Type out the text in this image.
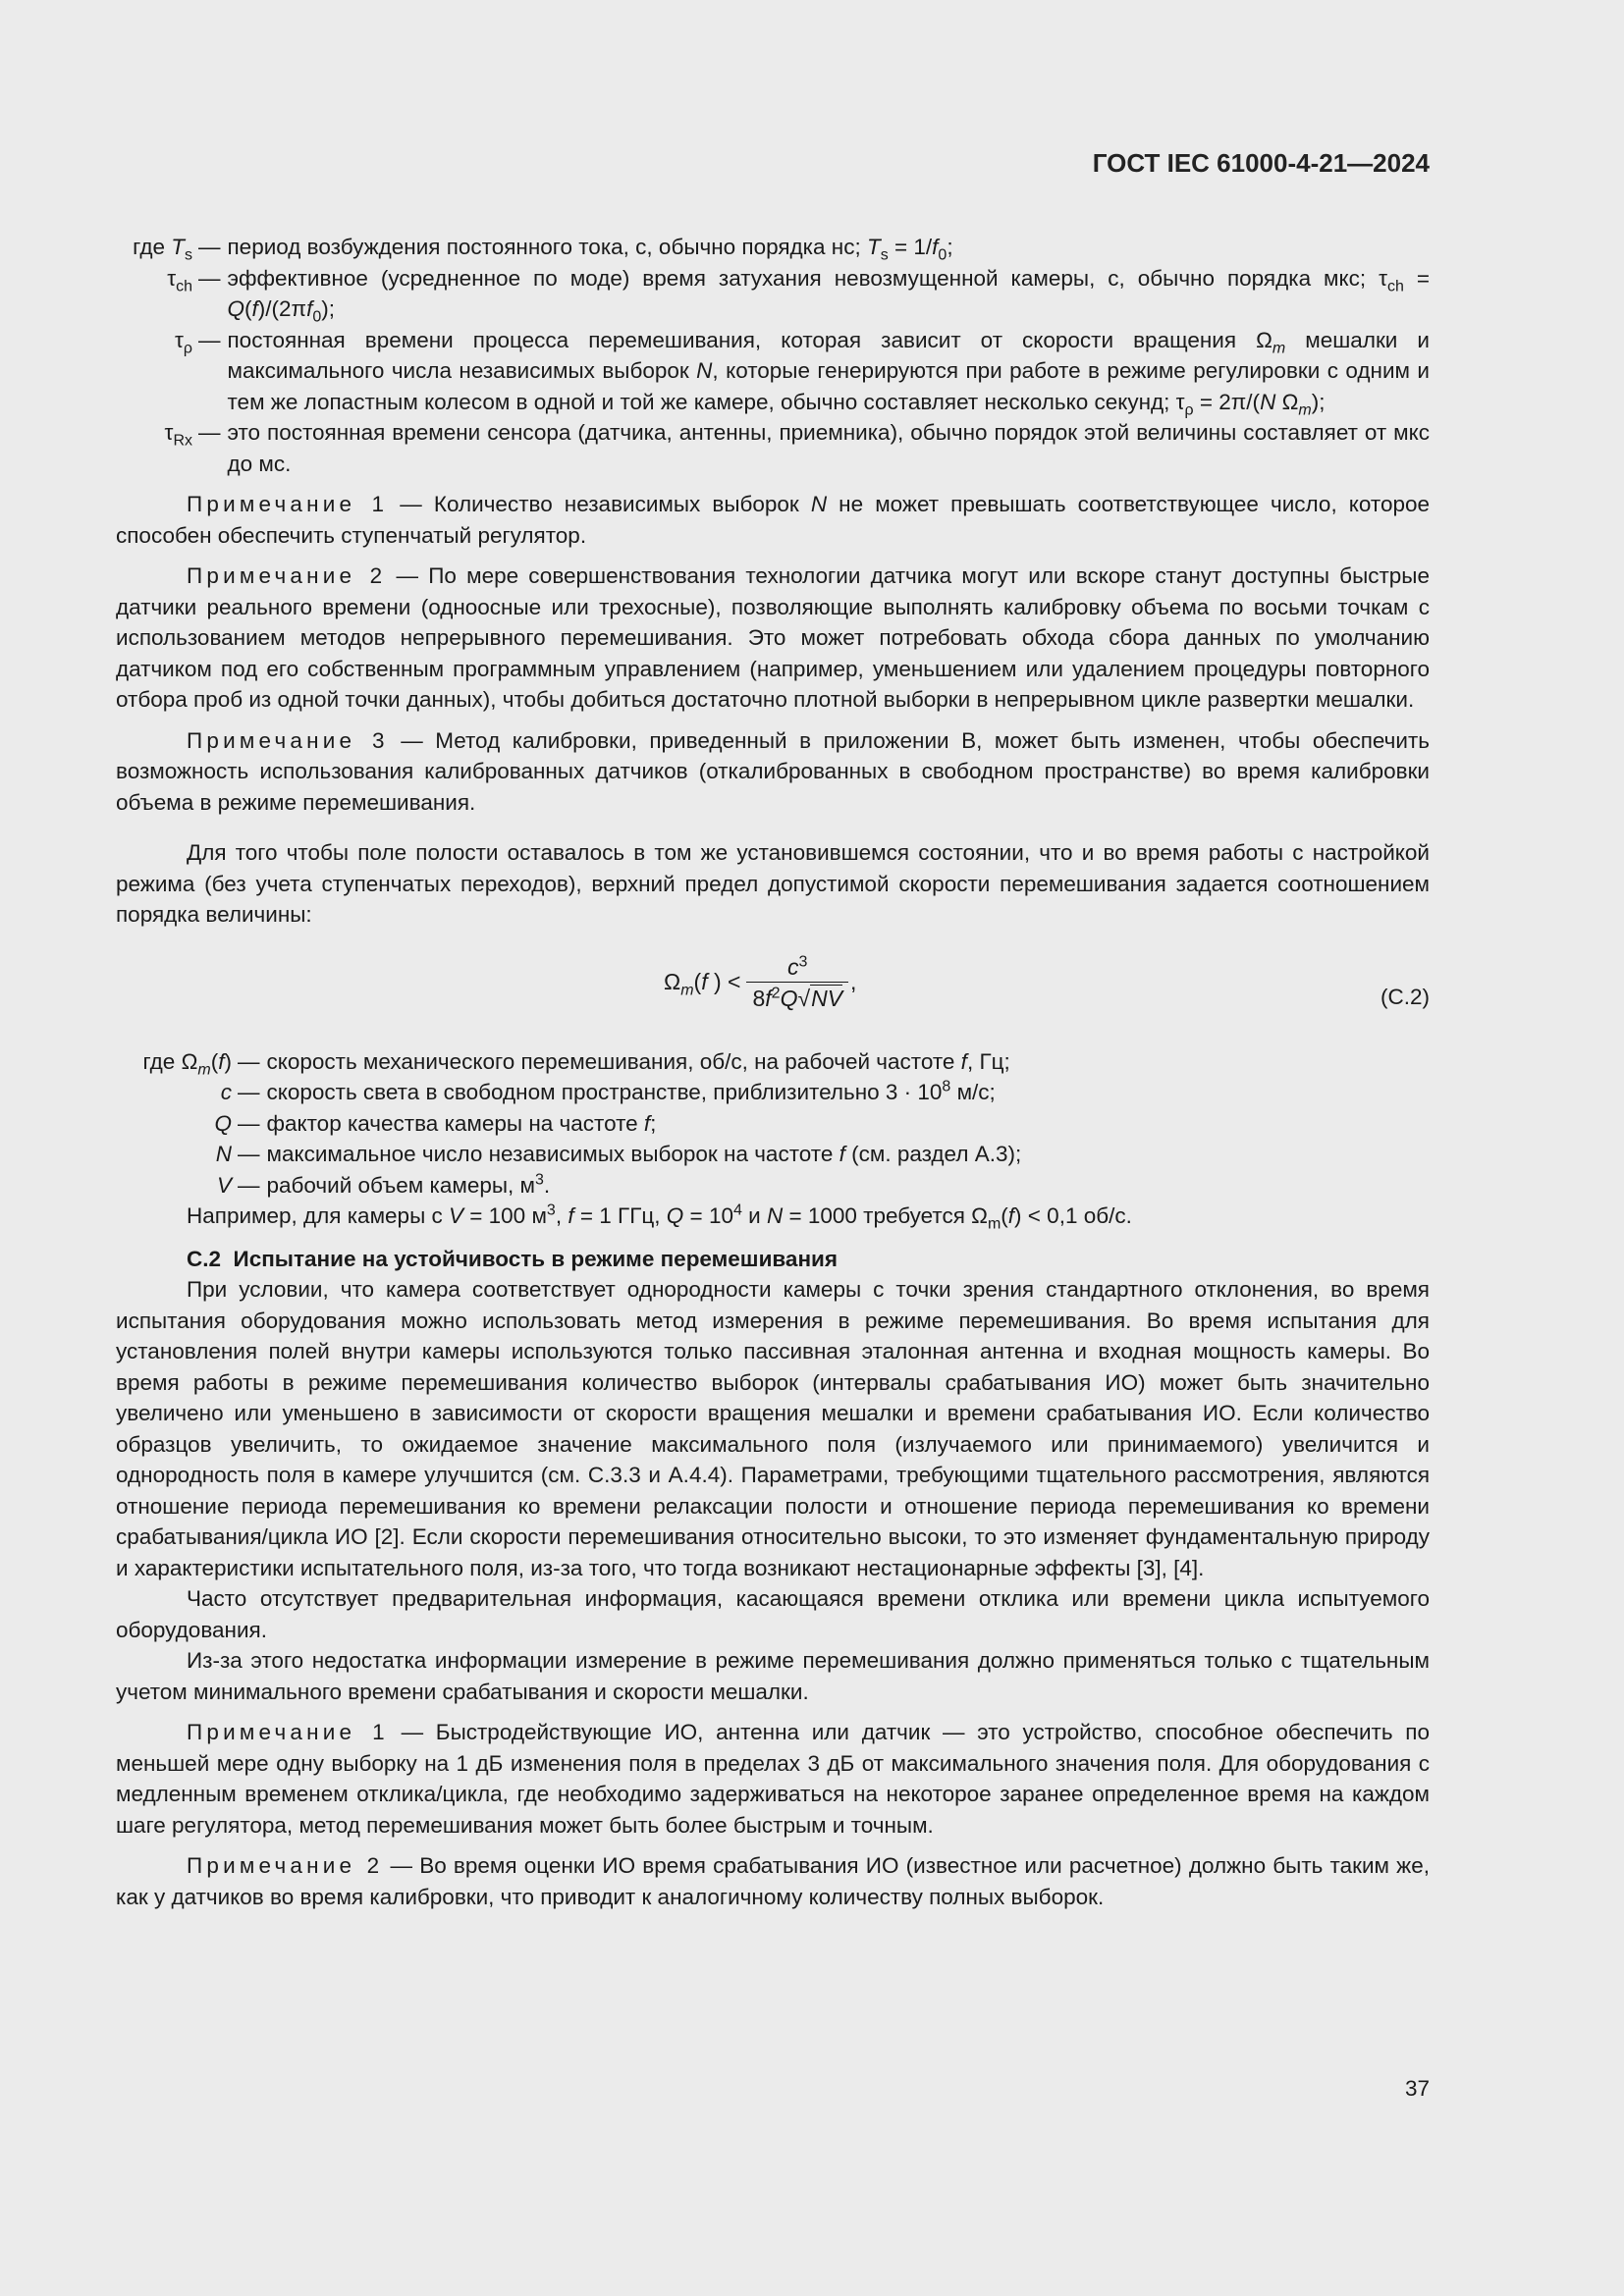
ГОСТ IEC 61000-4-21—2024
где $T_s$ — период возбуждения постоянного тока, с, обычно порядка нс; $T_s = 1/f_0$;
$\tau_{ch}$ — эффективное (усредненное по моде) время затухания невозмущенной камеры, с, обычно порядка мкс; $\tau_{ch} = Q(f)/(2\pi f_0)$;
$\tau_\rho$ — постоянная времени процесса перемешивания, которая зависит от скорости вращения $\Omega_m$ мешалки и максимального числа независимых выборок N, которые генерируются при работе в режиме регулировки с одним и тем же лопастным колесом в одной и той же камере, обычно составляет несколько секунд; $\tau_\rho = 2\pi/(N$ $\Omega_m$);
$\tau_{Rx}$ — это постоянная времени сенсора (датчика, антенны, приемника), обычно порядок этой величины составляет от мкс до мс.
Примечание 1 — Количество независимых выборок N не может превышать соответствующее число, которое способен обеспечить ступенчатый регулятор.
Примечание 2 — По мере совершенствования технологии датчика могут или вскоре станут доступны быстрые датчики реального времени (одноосные или трехосные), позволяющие выполнять калибровку объема по восьми точкам с использованием методов непрерывного перемешивания. Это может потребовать обхода сбора данных по умолчанию датчиком под его собственным программным управлением (например, уменьшением или удалением процедуры повторного отбора проб из одной точки данных), чтобы добиться достаточно плотной выборки в непрерывном цикле развертки мешалки.
Примечание 3 — Метод калибровки, приведенный в приложении В, может быть изменен, чтобы обеспечить возможность использования калиброванных датчиков (откалиброванных в свободном пространстве) во время калибровки объема в режиме перемешивания.
Для того чтобы поле полости оставалось в том же установившемся состоянии, что и во время работы с настройкой режима (без учета ступенчатых переходов), верхний предел допустимой скорости перемешивания задается соотношением порядка величины:
$\Omega_m(f$ ) < $\frac{c^3}{8f^2Q√NV}$ ,
(С.2)
где $\Omega_m(f)$ — скорость механического перемешивания, об/с, на рабочей частоте f, Гц;
c — скорость света в свободном пространстве, приблизительно $3 \cdot 10^8$ м/с;
Q — фактор качества камеры на частоте f;
N — максимальное число независимых выборок на частоте f (см. раздел А.3);
V — рабочий объем камеры, $м^3$.
Например, для камеры с V = 100 $м^3$, f = 1 ГГц, $Q = 10^4$ и N = 1000 требуется $\Omega_m(f) < 0,1$ об/с.
С.2 Испытание на устойчивость в режиме перемешивания
При условии, что камера соответствует однородности камеры с точки зрения стандартного отклонения, во время испытания оборудования можно использовать метод измерения в режиме перемешивания. Во время испытания для установления полей внутри камеры используются только пассивная эталонная антенна и входная мощность камеры. Во время работы в режиме перемешивания количество выборок (интервалы срабатывания ИО) может быть значительно увеличено или уменьшено в зависимости от скорости вращения мешалки и времени срабатывания ИО. Если количество образцов увеличить, то ожидаемое значение максимального поля (излучаемого или принимаемого) увеличится и однородность поля в камере улучшится (см. С.3.3 и А.4.4). Параметрами, требующими тщательного рассмотрения, являются отношение периода перемешивания ко времени релаксации полости и отношение периода перемешивания ко времени срабатывания/цикла ИО [2]. Если скорости перемешивания относительно высоки, то это изменяет фундаментальную природу и характеристики испытательного поля, из-за того, что тогда возникают нестационарные эффекты [3], [4].
Часто отсутствует предварительная информация, касающаяся времени отклика или времени цикла испытуемого оборудования.
Из-за этого недостатка информации измерение в режиме перемешивания должно применяться только с тщательным учетом минимального времени срабатывания и скорости мешалки.
Примечание 1 — Быстродействующие ИО, антенна или датчик — это устройство, способное обеспечить по меньшей мере одну выборку на 1 дБ изменения поля в пределах 3 дБ от максимального значения поля. Для оборудования с медленным временем отклика/цикла, где необходимо задерживаться на некоторое заранее определенное время на каждом шаге регулятора, метод перемешивания может быть более быстрым и точным.
Примечание 2 — Во время оценки ИО время срабатывания ИО (известное или расчетное) должно быть таким же, как у датчиков во время калибровки, что приводит к аналогичному количеству полных выборок.
37
